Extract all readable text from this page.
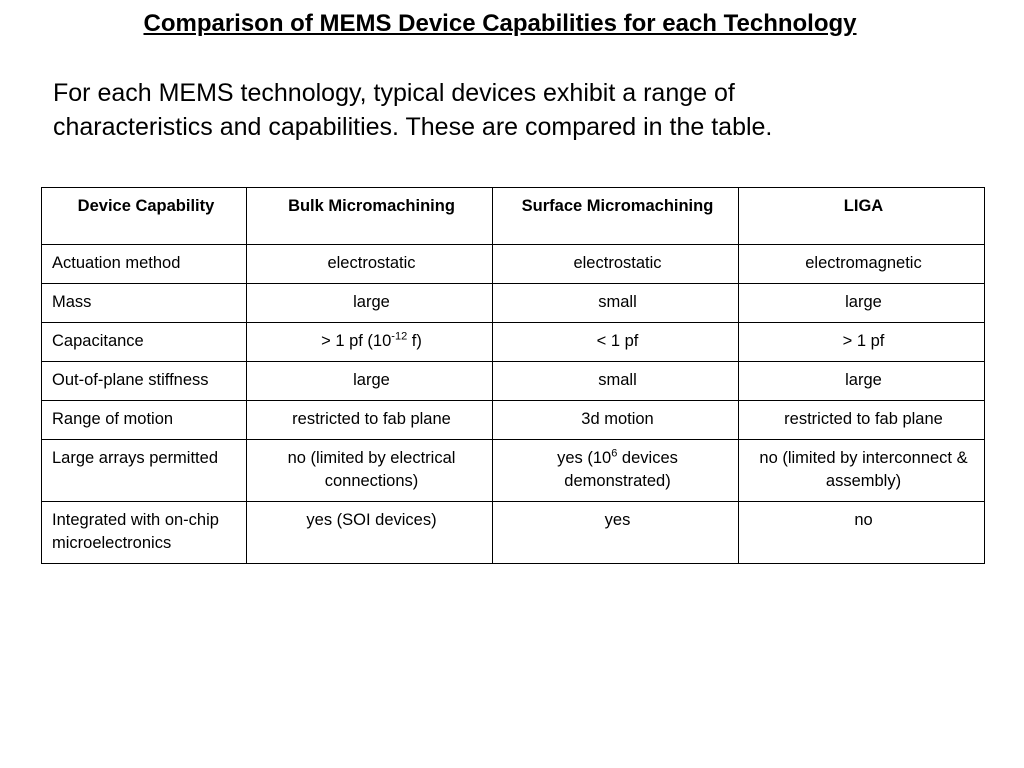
Comparison of MEMS Device Capabilities for each Technology

For each MEMS technology, typical devices exhibit a range of
characteristics and capabilities. These are compared in the table.

Device Capability	Bulk Micromachining	Surface Micromachining	LIGA
Actuation method	electrostatic	electrostatic	electromagnetic
Mass	large	small	large
Capacitance	> 1 pf ($10^{-12}$ f)	< 1 pf	> 1 pf
Out-of-plane stiffness	large	small	large
Range of motion	restricted to fab plane	3d motion	restricted to fab plane
Large arrays permitted	no (limited by electrical connections)	yes ($10^6$ devices demonstrated)	no (limited by interconnect & assembly)
Integrated with on-chip microelectronics	yes (SOI devices)	yes	no
